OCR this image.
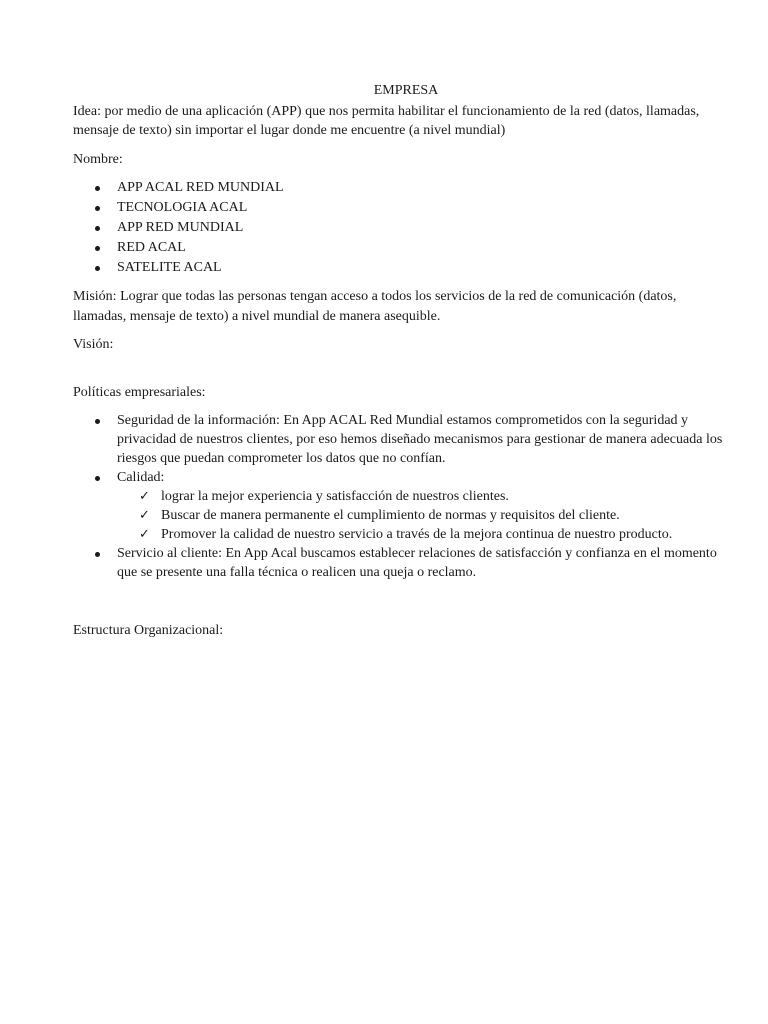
EMPRESA

Idea: por medio de una aplicación (APP) que nos permita habilitar el funcionamiento de la red (datos, llamadas, mensaje de texto) sin importar el lugar donde me encuentre (a nivel mundial)

Nombre:

APP ACAL RED MUNDIAL
TECNOLOGIA ACAL
APP RED MUNDIAL
RED ACAL
SATELITE ACAL

Misión: Lograr que todas las personas tengan acceso a todos los servicios de la red de comunicación (datos, llamadas, mensaje de texto) a nivel mundial de manera asequible.

Visión:

Políticas empresariales:

Seguridad de la información: En App ACAL Red Mundial estamos comprometidos con la seguridad y privacidad de nuestros clientes, por eso hemos diseñado mecanismos para gestionar de manera adecuada los riesgos que puedan comprometer los datos que no confían.
Calidad:
✓ lograr la mejor experiencia y satisfacción de nuestros clientes.
✓ Buscar de manera permanente el cumplimiento de normas y requisitos del cliente.
✓ Promover la calidad de nuestro servicio a través de la mejora continua de nuestro producto.
Servicio al cliente: En App Acal buscamos establecer relaciones de satisfacción y confianza en el momento que se presente una falla técnica o realicen una queja o reclamo.

Estructura Organizacional:
